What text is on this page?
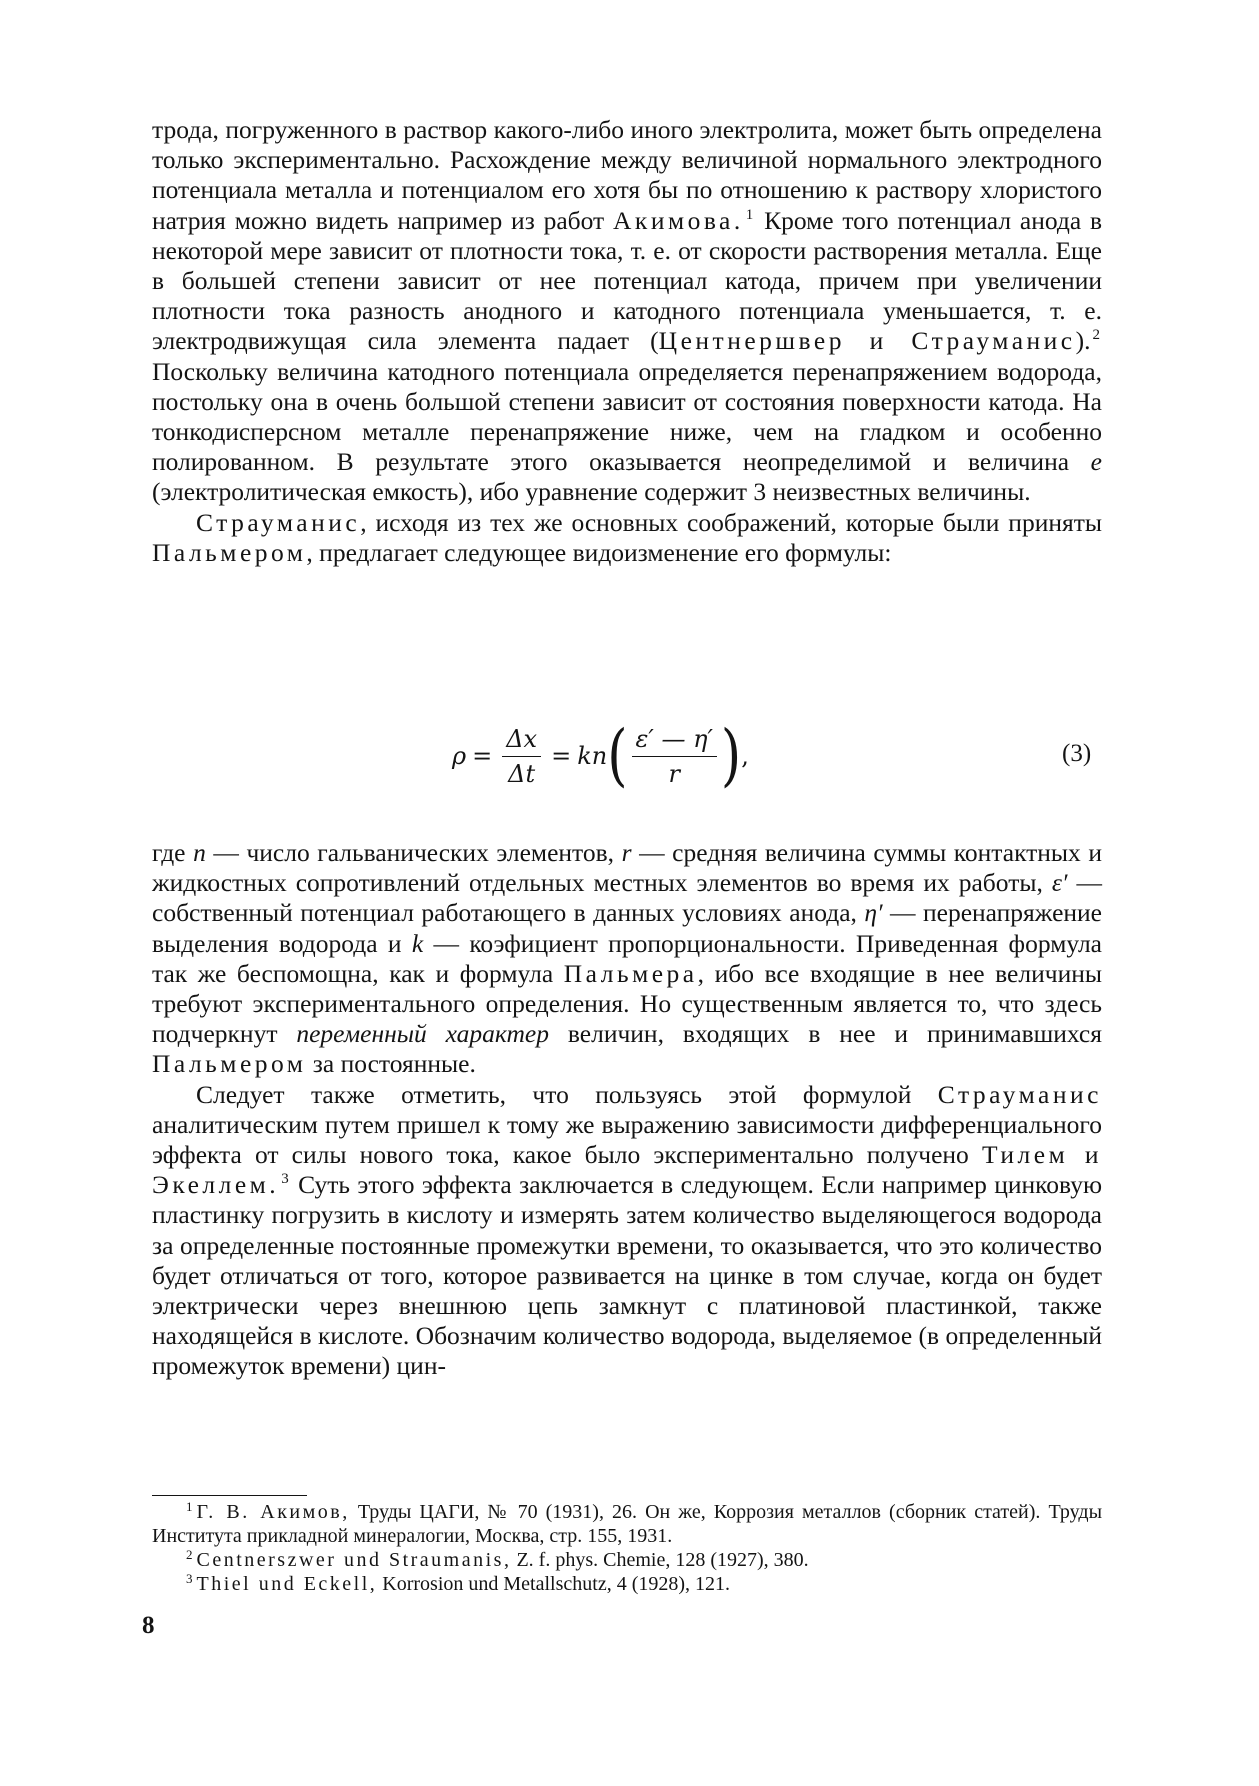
трода, погруженного в раствор какого-либо иного электролита, может быть определена только экспериментально. Расхождение между величиной нормального электродного потенциала металла и потенциалом его хотя бы по отношению к раствору хлористого натрия можно видеть например из работ Акимова. $^1$ Кроме того потенциал анода в некоторой мере зависит от плотности тока, т. е. от скорости растворения металла. Еще в большей степени зависит от нее потенциал катода, причем при увеличении плотности тока разность анодного и катодного потенциала уменьшается, т. е. электродвижущая сила элемента падает (Центнершвер и Страуманис). $^2$ Поскольку величина катодного потенциала определяется перенапряжением водорода, постольку она в очень большой степени зависит от состояния поверхности катода. На тонкодисперсном металле перенапряжение ниже, чем на гладком и особенно полированном. В результате этого оказывается неопределимой и величина e (электролитическая емкость), ибо уравнение содержит 3 неизвестных величины.

Страуманис, исходя из тех же основных соображений, которые были приняты Пальмером, предлагает следующее видоизменение его формулы:

$\rho = \frac{\Delta x}{\Delta t}$ = kn ( $\frac{\varepsilon' — \eta'}{r}$ ) ,	(3)

где n — число гальванических элементов, r — средняя величина суммы контактных и жидкостных сопротивлений отдельных местных элементов во время их работы, ε′ — собственный потенциал работающего в данных условиях анода, η′ — перенапряжение выделения водорода и k — коэфициент пропорциональности. Приведенная формула так же беспомощна, как и формула Пальмера, ибо все входящие в нее величины требуют экспериментального определения. Но существенным является то, что здесь подчеркнут переменный характер величин, входящих в нее и принимавшихся Пальмером за постоянные.

Следует также отметить, что пользуясь этой формулой Страуманис аналитическим путем пришел к тому же выражению зависимости дифференциального эффекта от силы нового тока, какое было экспериментально получено Тилем и Экеллем. $^3$ Суть этого эффекта заключается в следующем. Если например цинковую пластинку погрузить в кислоту и измерять затем количество выделяющегося водорода за определенные постоянные промежутки времени, то оказывается, что это количество будет отличаться от того, которое развивается на цинке в том случае, когда он будет электрически через внешнюю цепь замкнут с платиновой пластинкой, также находящейся в кислоте. Обозначим количество водорода, выделяемое (в определенный промежуток времени) цин-

$^1$ Г. В. Акимов, Труды ЦАГИ, № 70 (1931), 26. Он же, Коррозия металлов (сборник статей). Труды Института прикладной минералогии, Москва, стр. 155, 1931.

$^2$ Centnerszwer und Straumanis, Z. f. phys. Chemie, 128 (1927), 380.

$^3$ Thiel und Eckell, Korrosion und Metallschutz, 4 (1928), 121.

8
